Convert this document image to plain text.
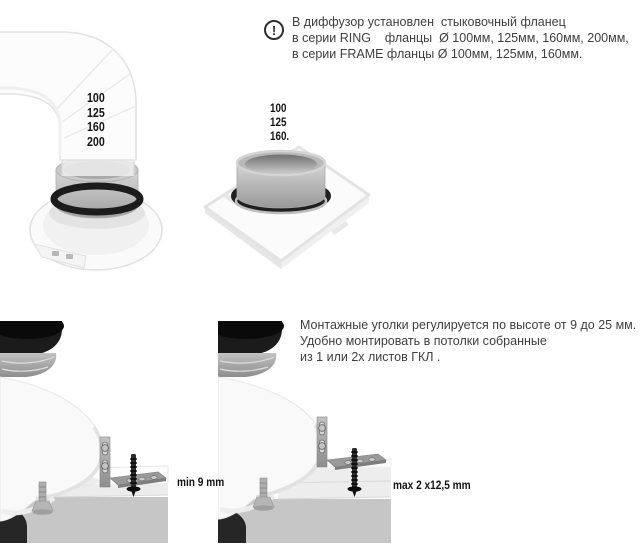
100
125
160
200
100
125
160.
!
В диффузор установлен  стыковочный фланец
в серии RING    фланцы  Ø 100мм, 125мм, 160мм, 200мм,
в серии FRAME фланцы Ø 100мм, 125мм, 160мм.
min 9 mm	max 2 x12,5 mm
Монтажные уголки регулируется по высоте от 9 до 25 мм.
Удобно монтировать в потолки собранные
из 1 или 2х листов ГКЛ .
